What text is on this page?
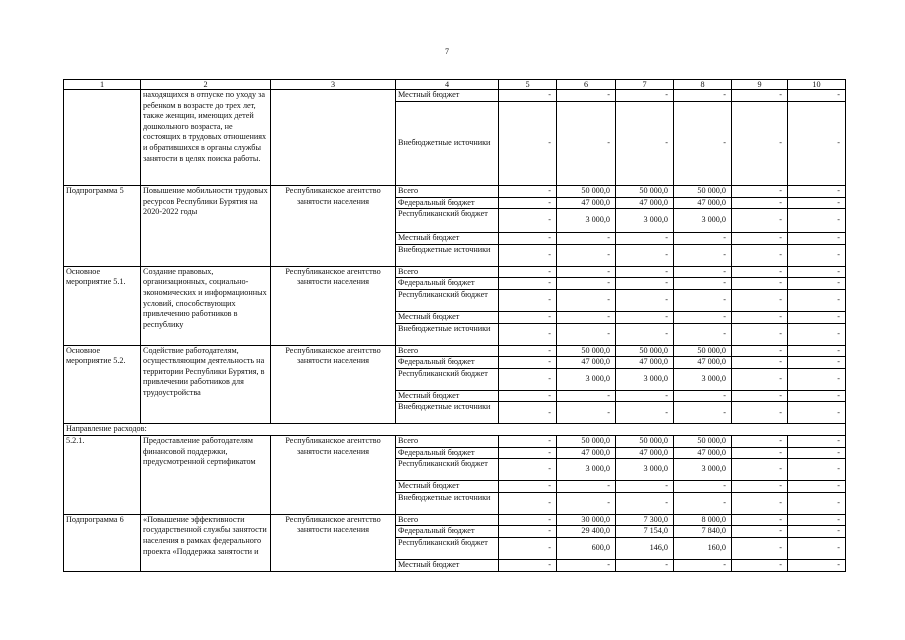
7
1	2	3	4	5	6	7	8	9	10
	находящихся в отпуске по уходу за ребенком в возрасте до трех лет, также женщин, имеющих детей дошкольного возраста, не состоящих в трудовых отношениях и обратившихся в органы службы занятости в целях поиска работы.		Местный бюджет	-	-	-	-	-	-
			Внебюджетные источники	-	-	-	-	-	-
Подпрограмма 5	Повышение мобильности трудовых ресурсов Республики Бурятия на 2020-2022 годы	Республиканское агентство занятости населения	Всего	-	50 000,0	50 000,0	50 000,0	-	-
			Федеральный бюджет	-	47 000,0	47 000,0	47 000,0	-	-
			Республиканский бюджет	-	3 000,0	3 000,0	3 000,0	-	-
			Местный бюджет	-	-	-	-	-	-
			Внебюджетные источники	-	-	-	-	-	-
Основное мероприятие 5.1.	Создание правовых, организационных, социально-экономических и информационных условий, способствующих привлечению работников в республику	Республиканское агентство занятости населения	Всего	-	-	-	-	-	-
			Федеральный бюджет	-	-	-	-	-	-
			Республиканский бюджет	-	-	-	-	-	-
			Местный бюджет	-	-	-	-	-	-
			Внебюджетные источники	-	-	-	-	-	-
Основное мероприятие 5.2.	Содействие работодателям, осуществляющим деятельность на территории Республики Бурятия, в привлечении работников для трудоустройства	Республиканское агентство занятости населения	Всего	-	50 000,0	50 000,0	50 000,0	-	-
			Федеральный бюджет	-	47 000,0	47 000,0	47 000,0	-	-
			Республиканский бюджет	-	3 000,0	3 000,0	3 000,0	-	-
			Местный бюджет	-	-	-	-	-	-
			Внебюджетные источники	-	-	-	-	-	-
Направление расходов:									
5.2.1.	Предоставление работодателям финансовой поддержки, предусмотренной сертификатом	Республиканское агентство занятости населения	Всего	-	50 000,0	50 000,0	50 000,0	-	-
			Федеральный бюджет	-	47 000,0	47 000,0	47 000,0	-	-
			Республиканский бюджет	-	3 000,0	3 000,0	3 000,0	-	-
			Местный бюджет	-	-	-	-	-	-
			Внебюджетные источники	-	-	-	-	-	-
Подпрограмма 6	«Повышение эффективности государственной службы занятости населения в рамках федерального проекта «Поддержка занятости и	Республиканское агентство занятости населения	Всего	-	30 000,0	7 300,0	8 000,0	-	-
			Федеральный бюджет	-	29 400,0	7 154,0	7 840,0	-	-
			Республиканский бюджет	-	600,0	146,0	160,0	-	-
			Местный бюджет	-	-	-	-	-	-
